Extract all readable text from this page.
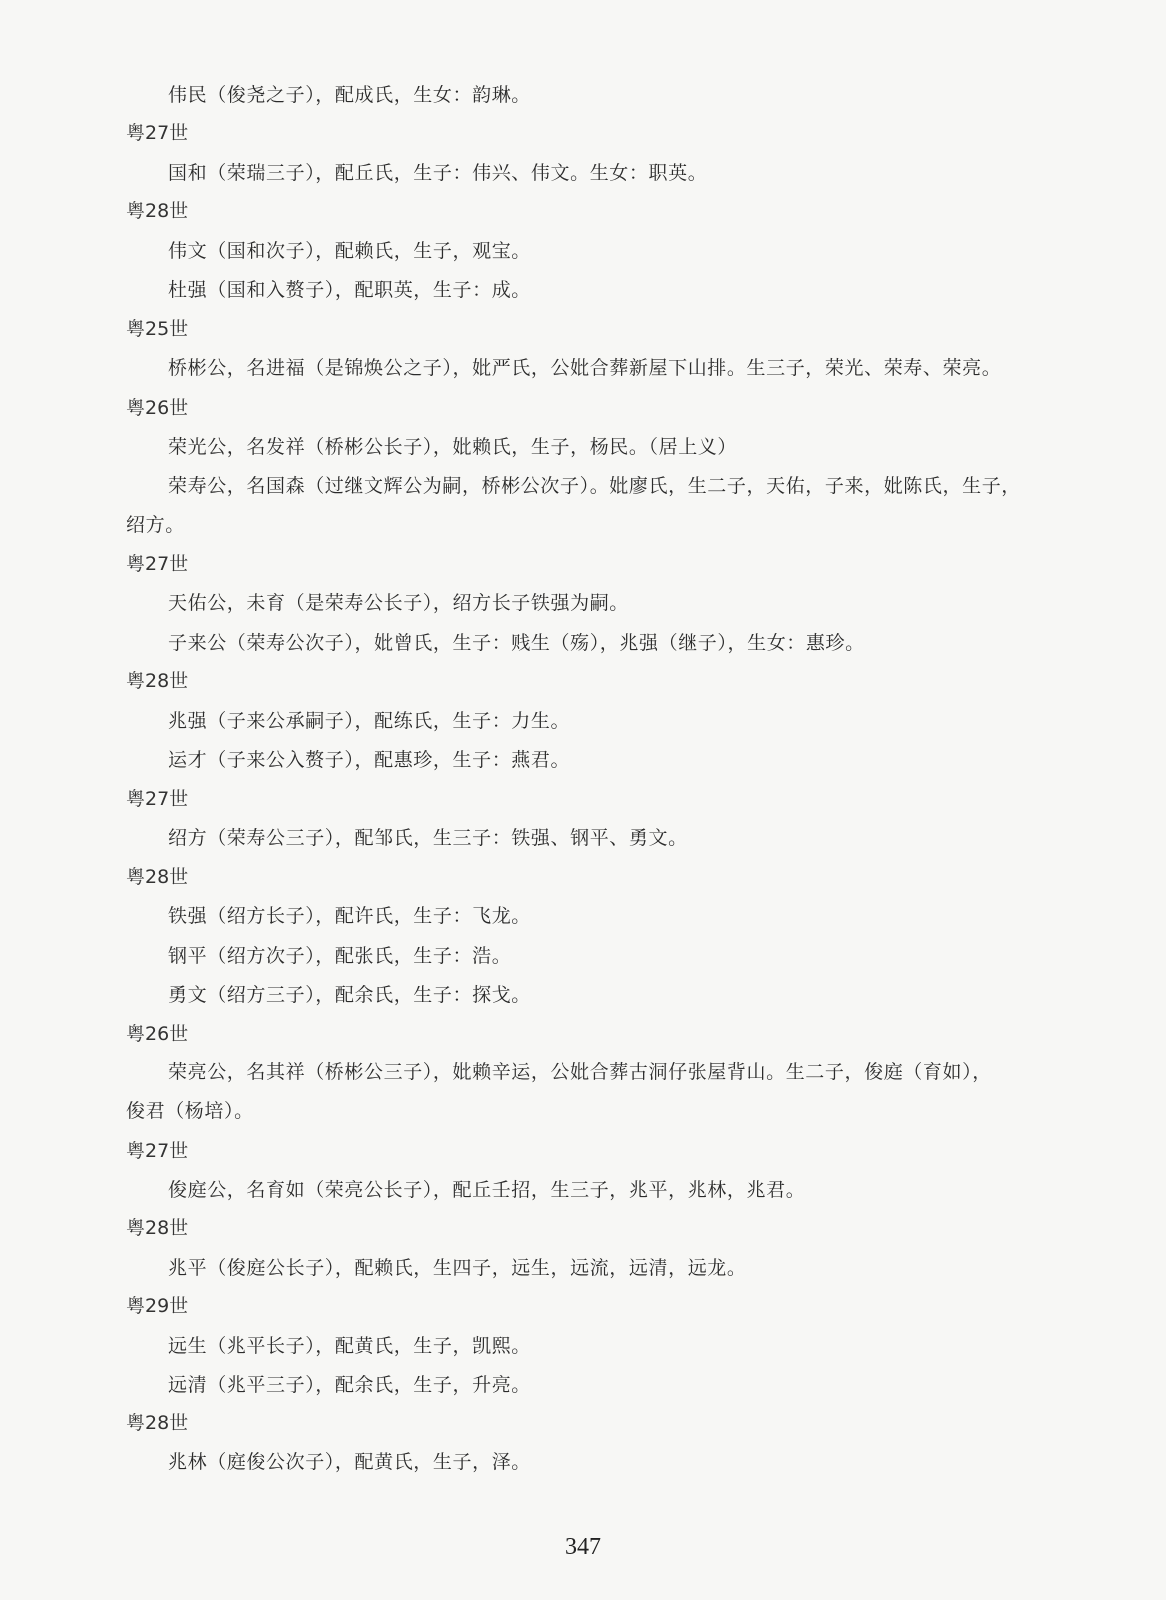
伟民（俊尧之子），配成氏，生女：韵琳。
粤27世
国和（荣瑞三子），配丘氏，生子：伟兴、伟文。生女：职英。
粤28世
伟文（国和次子），配赖氏，生子，观宝。
杜强（国和入赘子），配职英，生子：成。
粤25世
桥彬公，名进福（是锦焕公之子），妣严氏，公妣合葬新屋下山排。生三子，荣光、荣寿、荣亮。
粤26世
荣光公，名发祥（桥彬公长子），妣赖氏，生子，杨民。（居上义）
荣寿公，名国森（过继文辉公为嗣，桥彬公次子）。妣廖氏，生二子，天佑，子来，妣陈氏，生子，
绍方。
粤27世
天佑公，未育（是荣寿公长子），绍方长子铁强为嗣。
子来公（荣寿公次子），妣曾氏，生子：贱生（殇），兆强（继子），生女：惠珍。
粤28世
兆强（子来公承嗣子），配练氏，生子：力生。
运才（子来公入赘子），配惠珍，生子：燕君。
粤27世
绍方（荣寿公三子），配邹氏，生三子：铁强、钢平、勇文。
粤28世
铁强（绍方长子），配许氏，生子：飞龙。
钢平（绍方次子），配张氏，生子：浩。
勇文（绍方三子），配余氏，生子：探戈。
粤26世
荣亮公，名其祥（桥彬公三子），妣赖辛运，公妣合葬古洞仔张屋背山。生二子，俊庭（育如），
俊君（杨培）。
粤27世
俊庭公，名育如（荣亮公长子），配丘壬招，生三子，兆平，兆林，兆君。
粤28世
兆平（俊庭公长子），配赖氏，生四子，远生，远流，远清，远龙。
粤29世
远生（兆平长子），配黄氏，生子，凯熙。
远清（兆平三子），配余氏，生子，升亮。
粤28世
兆林（庭俊公次子），配黄氏，生子，泽。
347
